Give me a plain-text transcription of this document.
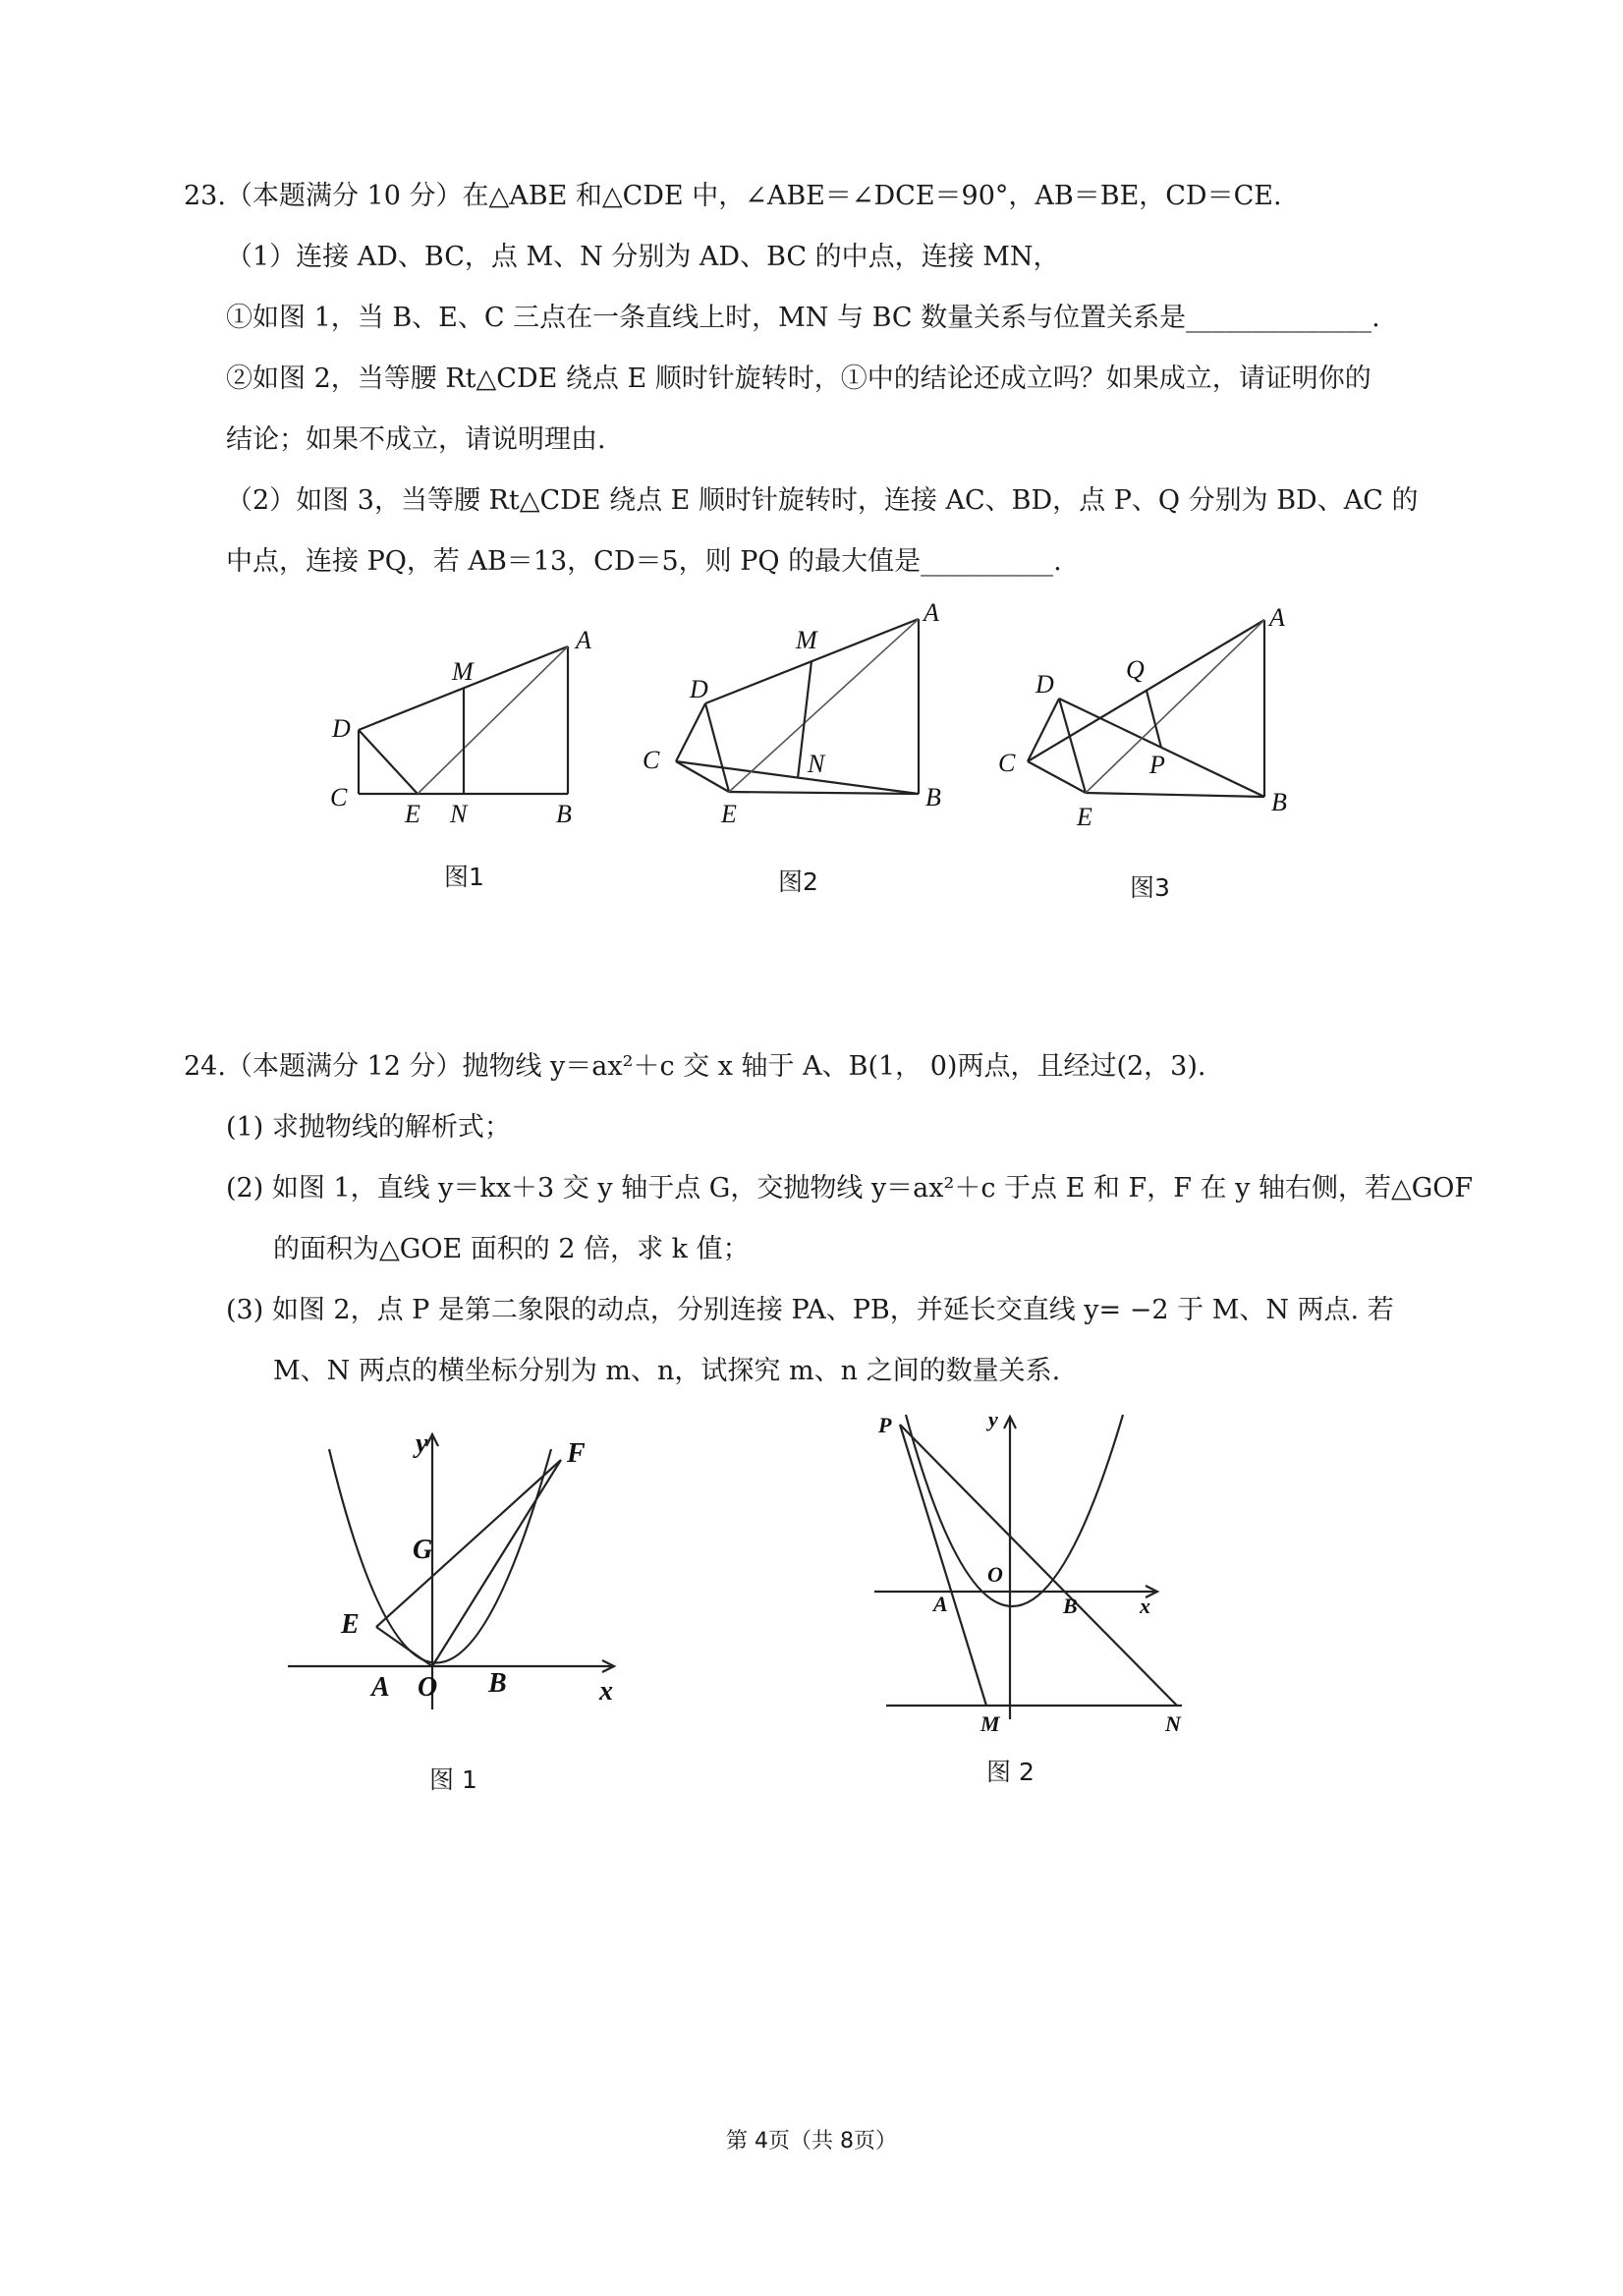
23.（本题满分 10 分）在△ABE 和△CDE 中，∠ABE＝∠DCE＝90°，AB＝BE，CD＝CE.
（1）连接 AD、BC，点 M、N 分别为 AD、BC 的中点，连接 MN，
①如图 1，当 B、E、C 三点在一条直线上时，MN 与 BC 数量关系与位置关系是______________.
②如图 2，当等腰 Rt△CDE 绕点 E 顺时针旋转时，①中的结论还成立吗？如果成立，请证明你的
结论；如果不成立，请说明理由.
（2）如图 3，当等腰 Rt△CDE 绕点 E 顺时针旋转时，连接 AC、BD，点 P、Q 分别为 BD、AC 的
中点，连接 PQ，若 AB＝13，CD＝5，则 PQ 的最大值是__________.
D
C
E N	B
M
A
图1
D
C
E
N
B
M
A
图2
D
C
E
P
B
Q
A
图3
24.（本题满分 12 分）抛物线 y＝ax²＋c 交 x 轴于 A、B(1， 0)两点，且经过(2，3).
(1) 求抛物线的解析式；
(2) 如图 1，直线 y＝kx＋3 交 y 轴于点 G，交抛物线 y＝ax²＋c 于点 E 和 F，F 在 y 轴右侧，若△GOF
的面积为△GOE 面积的 2 倍，求 k 值；
(3) 如图 2，点 P 是第二象限的动点，分别连接 PA、PB，并延长交直线 y= −2 于 M、N 两点. 若
M、N 两点的横坐标分别为 m、n，试探究 m、n 之间的数量关系.
y	F
G
E
A O B	x
图 1
P	y
O
A	B	x
M	N
图 2
第 4页（共 8页）
